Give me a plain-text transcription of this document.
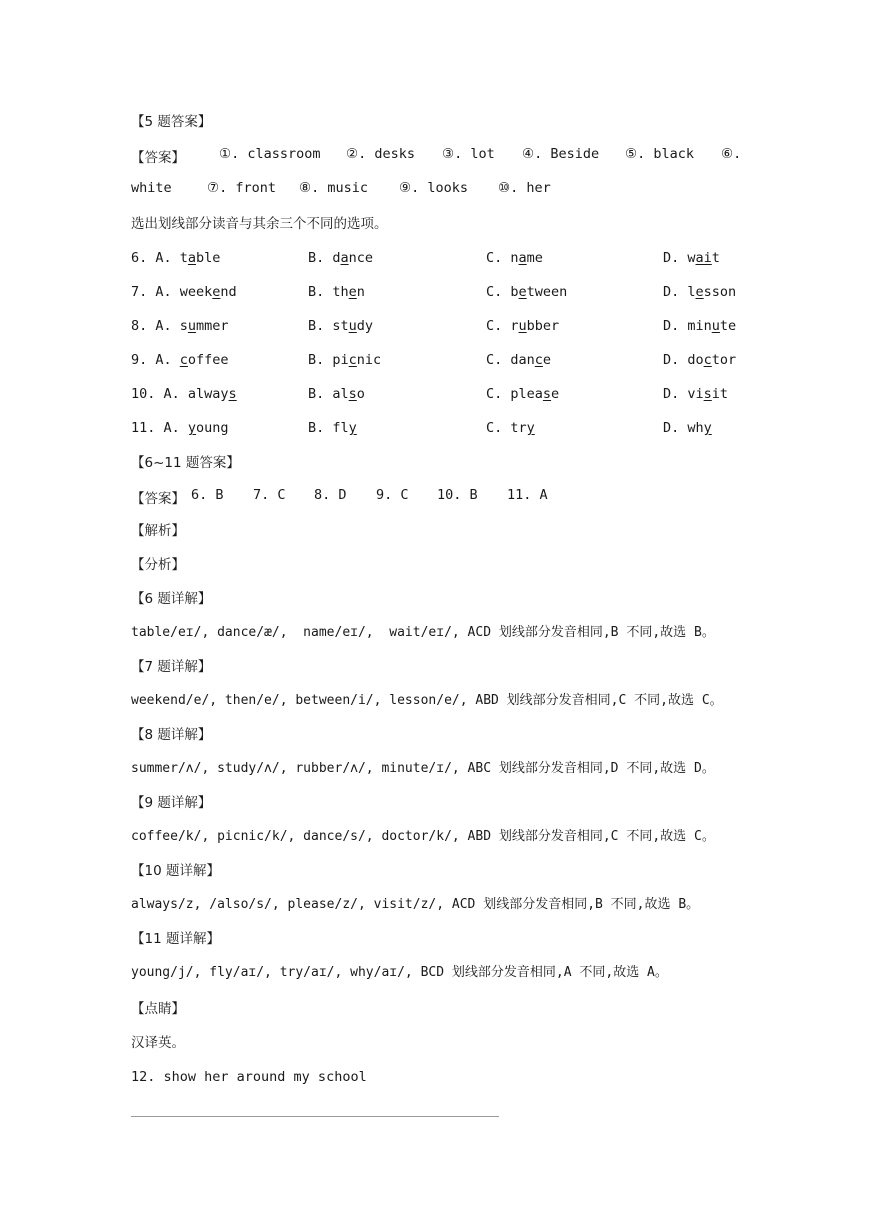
【5 题答案】
【答案】	①. classroom ②. desks ③. lot ④. Beside ⑤. black ⑥.
white	⑦. front ⑧. music ⑨. looks ⑩. her
选出划线部分读音与其余三个不同的选项。
6. A. table	B. dance	C. name	D. wait
7. A. weekend	B. then	C. between	D. lesson
8. A. summer	B. study	C. rubber	D. minute
9. A. coffee	B. picnic	C. dance	D. doctor
10. A. always	B. also	C. please	D. visit
11. A. young	B. fly	C. try	D. why
【6~11 题答案】
【答案】 6. B 7. C 8. D 9. C 10. B 11. A
【解析】
【分析】
【6 题详解】
table/eɪ/, dance/æ/,  name/eɪ/,  wait/eɪ/, ACD 划线部分发音相同,B 不同,故选 B。
【7 题详解】
weekend/e/, then/e/, between/i/, lesson/e/, ABD 划线部分发音相同,C 不同,故选 C。
【8 题详解】
summer/ʌ/, study/ʌ/, rubber/ʌ/, minute/ɪ/, ABC 划线部分发音相同,D 不同,故选 D。
【9 题详解】
coffee/k/, picnic/k/, dance/s/, doctor/k/, ABD 划线部分发音相同,C 不同,故选 C。
【10 题详解】
always/z, /also/s/, please/z/, visit/z/, ACD 划线部分发音相同,B 不同,故选 B。
【11 题详解】
young/j/, fly/aɪ/, try/aɪ/, why/aɪ/, BCD 划线部分发音相同,A 不同,故选 A。
【点睛】
汉译英。
12. show her around my school
